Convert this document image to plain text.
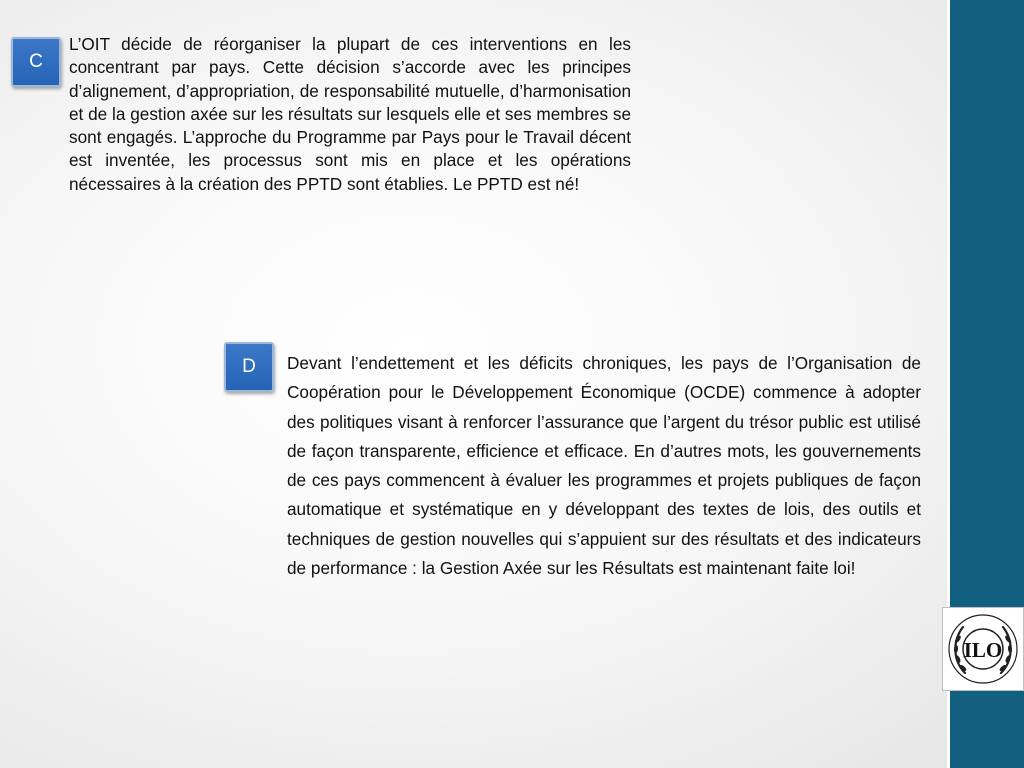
C

L’OIT décide de réorganiser la plupart de ces interventions en les concentrant par pays. Cette décision s’accorde avec les principes d’alignement, d’appropriation, de responsabilité mutuelle, d’harmonisation et de la gestion axée sur les résultats sur lesquels elle et ses membres se sont engagés. L’approche du Programme par Pays pour le Travail décent est inventée, les processus sont mis en place et les opérations nécessaires à la création des PPTD sont établies. Le PPTD est né!

D Devant l’endettement et les déficits chroniques, les pays de l’Organisation de Coopération pour le Développement Économique (OCDE) commence à adopter des politiques visant à renforcer l’assurance que l’argent du trésor public est utilisé de façon transparente, efficience et efficace. En d’autres mots, les gouvernements de ces pays commencent à évaluer les programmes et projets publiques de façon automatique et systématique en y développant des textes de lois, des outils et techniques de gestion nouvelles qui s’appuient sur des résultats et des indicateurs de performance : la Gestion Axée sur les Résultats est maintenant faite loi!

ILO
